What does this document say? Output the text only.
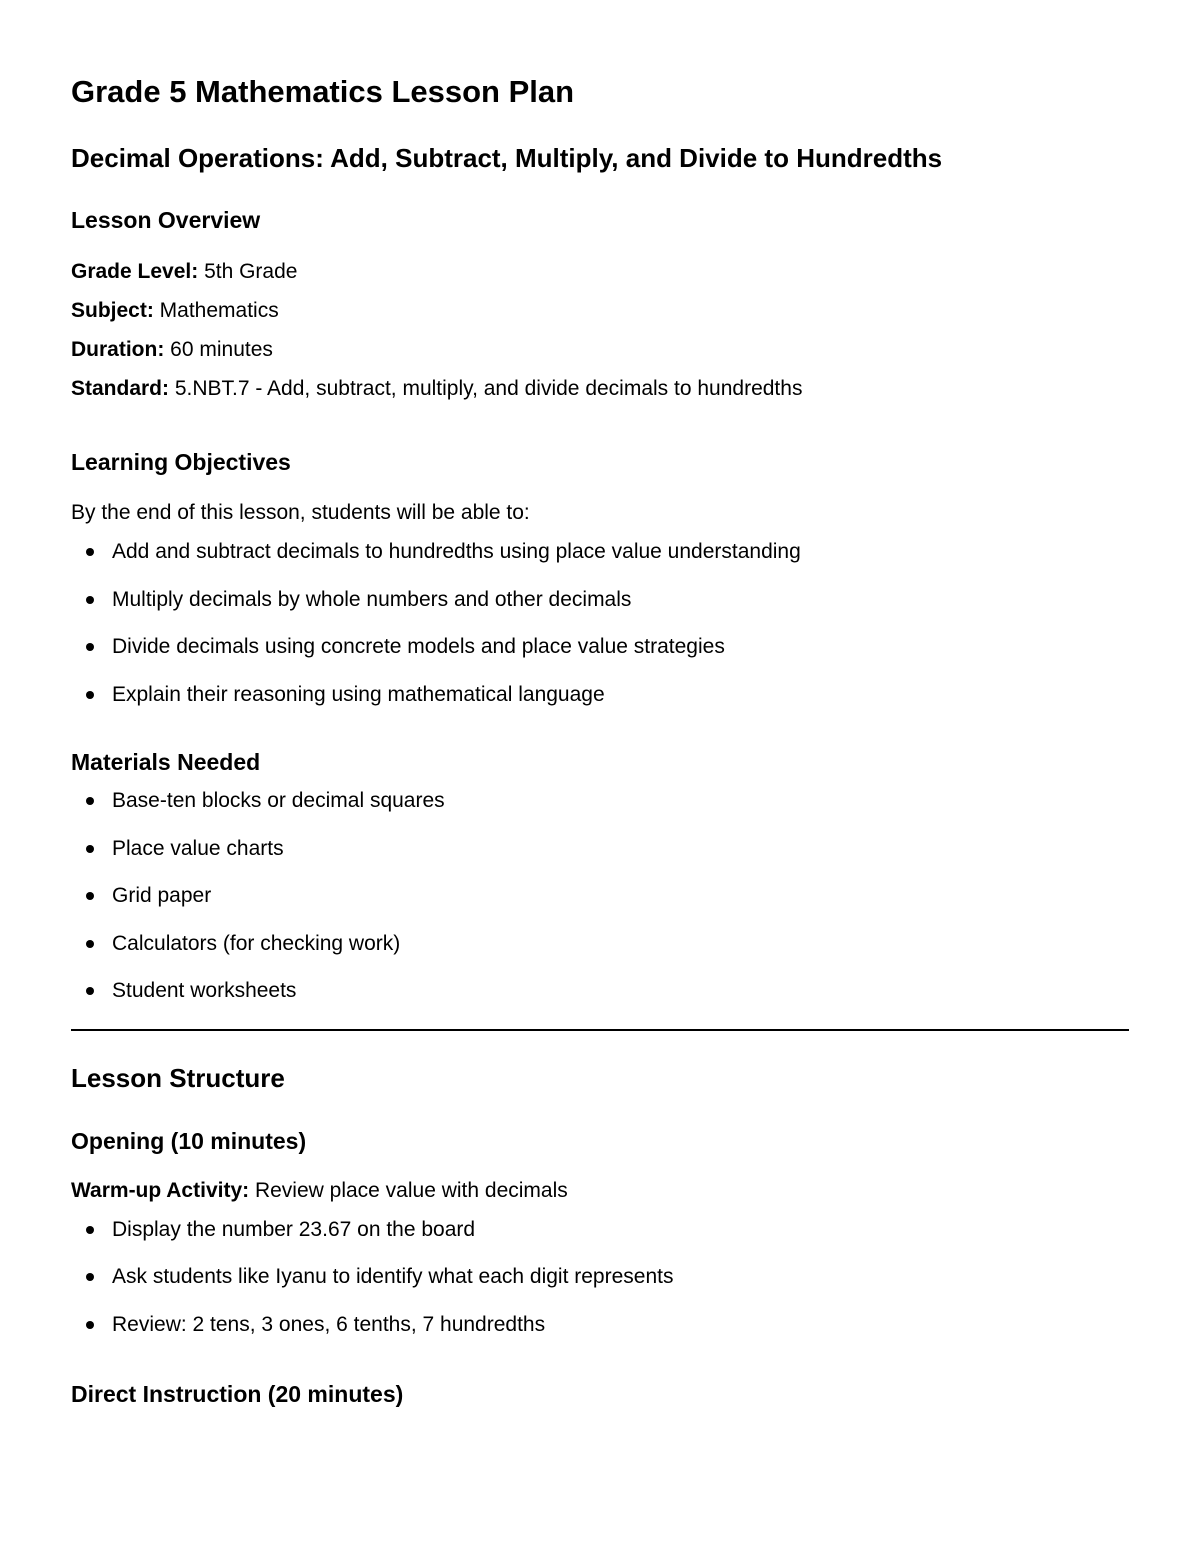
Grade 5 Mathematics Lesson Plan
Decimal Operations: Add, Subtract, Multiply, and Divide to Hundredths
Lesson Overview
Grade Level: 5th Grade
Subject: Mathematics
Duration: 60 minutes
Standard: 5.NBT.7 - Add, subtract, multiply, and divide decimals to hundredths
Learning Objectives
By the end of this lesson, students will be able to:
Add and subtract decimals to hundredths using place value understanding
Multiply decimals by whole numbers and other decimals
Divide decimals using concrete models and place value strategies
Explain their reasoning using mathematical language
Materials Needed
Base-ten blocks or decimal squares
Place value charts
Grid paper
Calculators (for checking work)
Student worksheets
Lesson Structure
Opening (10 minutes)
Warm-up Activity: Review place value with decimals
Display the number 23.67 on the board
Ask students like Iyanu to identify what each digit represents
Review: 2 tens, 3 ones, 6 tenths, 7 hundredths
Direct Instruction (20 minutes)
